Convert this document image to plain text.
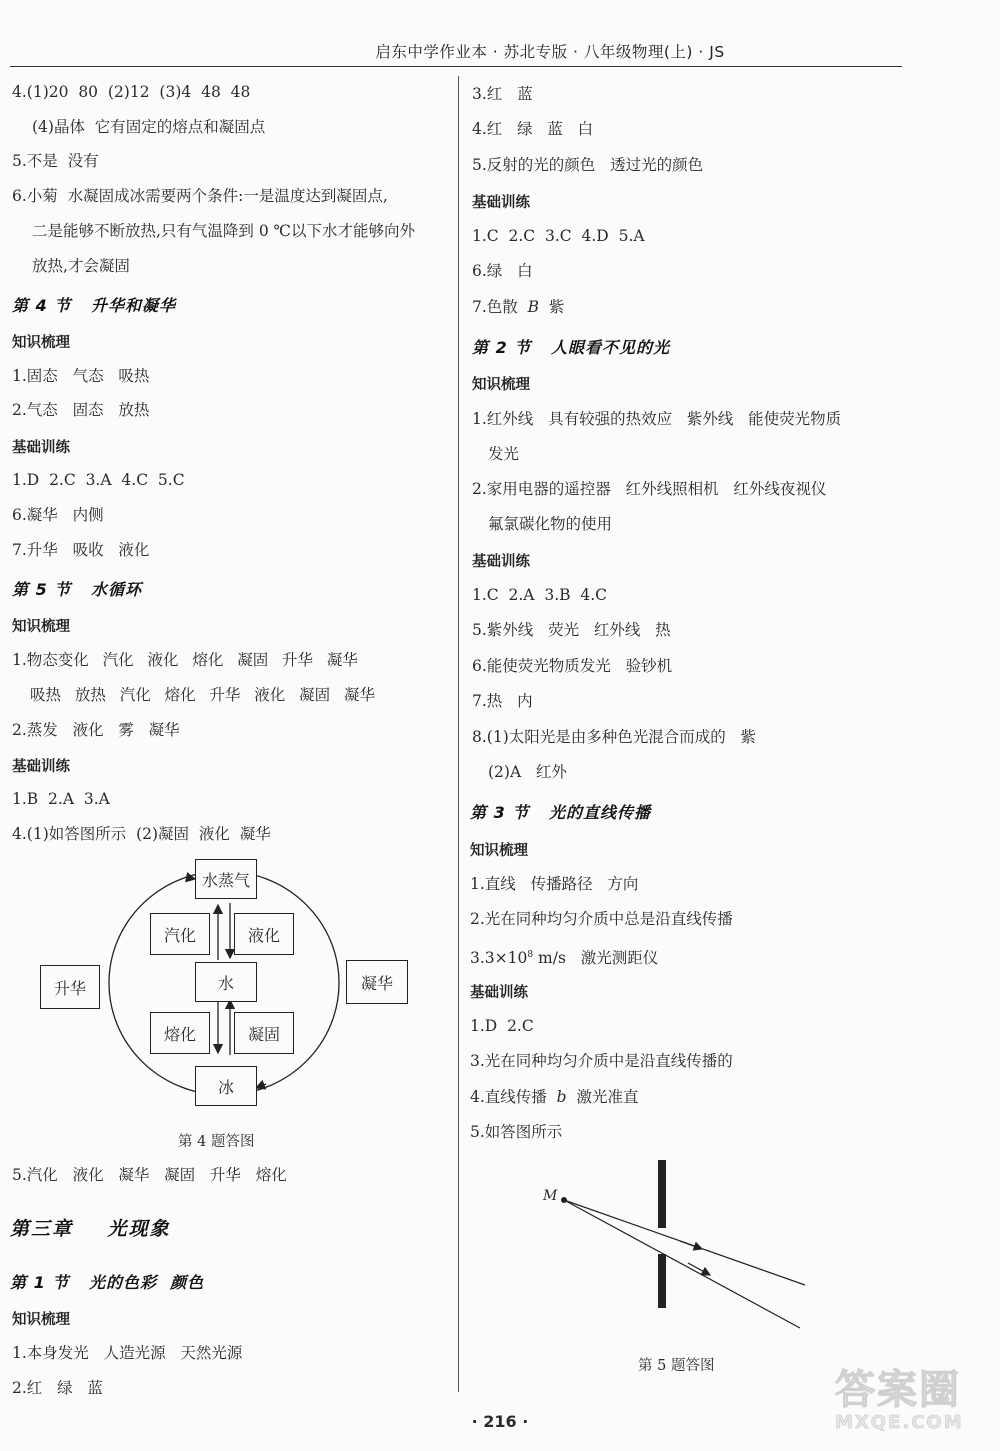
启东中学作业本 · 苏北专版 · 八年级物理(上) · JS
4.(1)20  80  (2)12  (3)4  48  48
(4)晶体  它有固定的熔点和凝固点
5.不是  没有
6.小菊  水凝固成冰需要两个条件:一是温度达到凝固点,
二是能够不断放热,只有气温降到 0 ℃以下水才能够向外
放热,才会凝固
第 4 节   升华和凝华
知识梳理
1.固态   气态   吸热
2.气态   固态   放热
基础训练
1.D  2.C  3.A  4.C  5.C
6.凝华   内侧
7.升华   吸收   液化
第 5 节   水循环
知识梳理
1.物态变化  汽化  液化  熔化  凝固  升华  凝华
吸热  放热  汽化  熔化  升华  液化  凝固  凝华
2.蒸发   液化   雾   凝华
基础训练
1.B  2.A  3.A
4.(1)如答图所示  (2)凝固  液化  凝华
水蒸气
汽化	液化
水
升华	凝华
熔化	凝固
冰
第 4 题答图
5.汽化   液化   凝华   凝固   升华   熔化
第三章    光现象
第 1 节   光的色彩  颜色
知识梳理
1.本身发光   人造光源   天然光源
2.红   绿   蓝
3.红   蓝
4.红   绿   蓝   白
5.反射的光的颜色   透过光的颜色
基础训练
1.C  2.C  3.C  4.D  5.A
6.绿   白
7.色散  B  紫
第 2 节   人眼看不见的光
知识梳理
1.红外线   具有较强的热效应   紫外线   能使荧光物质
发光
2.家用电器的遥控器   红外线照相机   红外线夜视仪
氟氯碳化物的使用
基础训练
1.C  2.A  3.B  4.C
5.紫外线   荧光   红外线   热
6.能使荧光物质发光   验钞机
7.热   内
8.(1)太阳光是由多种色光混合而成的   紫
(2)A   红外
第 3 节   光的直线传播
知识梳理
1.直线   传播路径   方向
2.光在同种均匀介质中总是沿直线传播
$3.3\times 10^8$ m/s   激光测距仪
基础训练
1.D  2.C
3.光在同种均匀介质中是沿直线传播的
4.直线传播  b  激光准直
5.如答图所示
M
第 5 题答图
· 216 ·
答案圈
MXQE.COM
